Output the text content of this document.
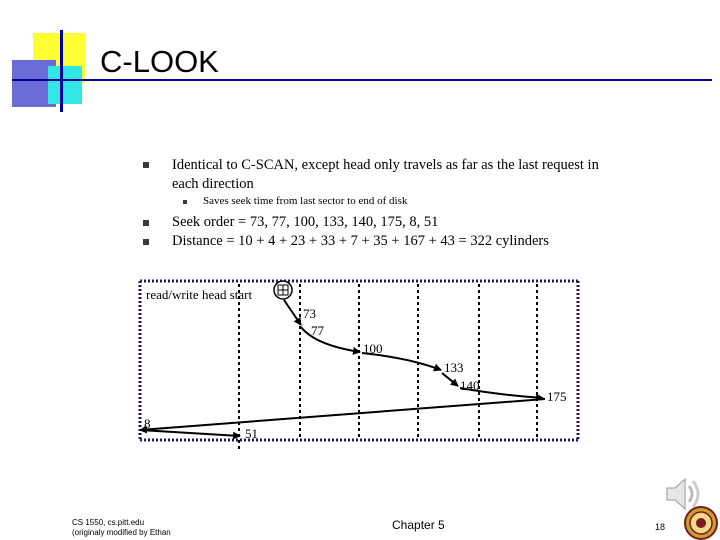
C-LOOK
Identical to C-SCAN, except head only travels as far as the last request in
each direction
Saves seek time from last sector to end of disk
Seek order = 73, 77, 100, 133, 140, 175, 8, 51
Distance = 10 + 4 + 23 + 33 + 7 + 35 + 167 + 43 = 322 cylinders
read/write head start
73
77
100
133
140
175
8
51
CS 1550, cs.pitt.edu
(originaly modified by Ethan
Chapter 5	18
